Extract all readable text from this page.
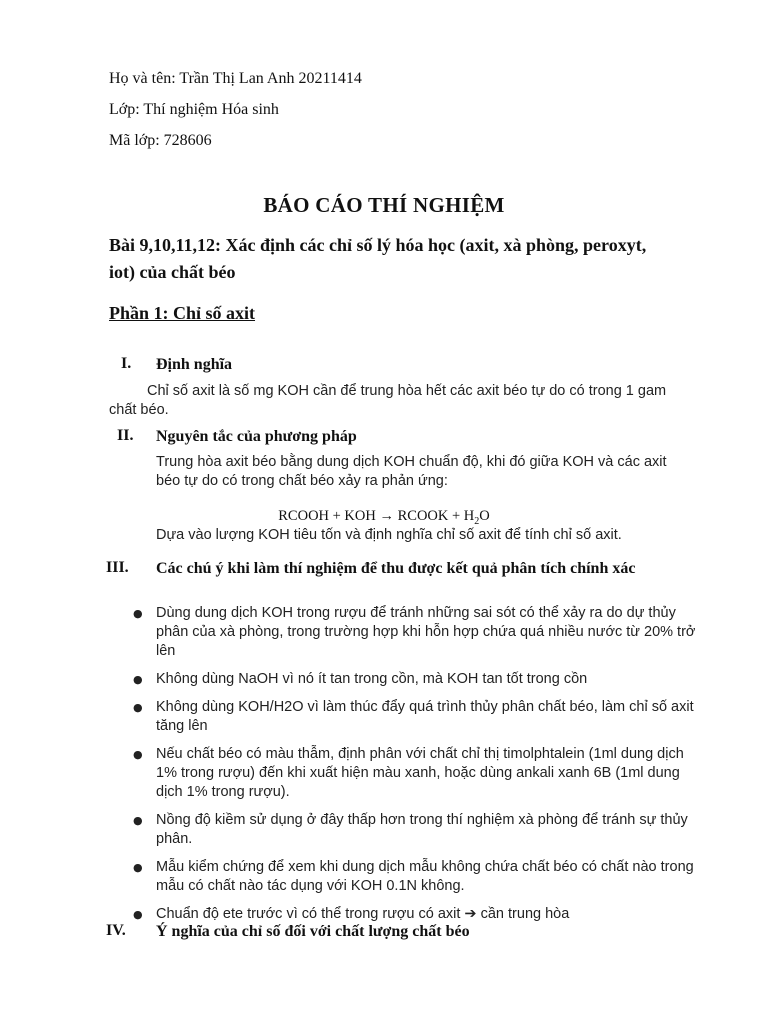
Họ và tên: Trần Thị Lan Anh 20211414
Lớp: Thí nghiệm Hóa sinh
Mã lớp: 728606
BÁO CÁO THÍ NGHIỆM
Bài 9,10,11,12: Xác định các chỉ số lý hóa học (axit, xà phòng, peroxyt, iot) của chất béo
Phần 1: Chỉ số axit
I. Định nghĩa
Chỉ số axit là số mg KOH cần để trung hòa hết các axit béo tự do có trong 1 gam chất béo.
II. Nguyên tắc của phương pháp
Trung hòa axit béo bằng dung dịch KOH chuẩn độ, khi đó giữa KOH và các axit béo tự do có trong chất béo xảy ra phản ứng:
RCOOH + KOH → RCOOK + $H_2O$
Dựa vào lượng KOH tiêu tốn và định nghĩa chỉ số axit để tính chỉ số axit.
III. Các chú ý khi làm thí nghiệm để thu được kết quả phân tích chính xác
● Dùng dung dịch KOH trong rượu để tránh những sai sót có thể xảy ra do dự thủy phân của xà phòng, trong trường hợp khi hỗn hợp chứa quá nhiều nước từ 20% trở lên
● Không dùng NaOH vì nó ít tan trong cồn, mà KOH tan tốt trong cồn
● Không dùng KOH/H2O vì làm thúc đẩy quá trình thủy phân chất béo, làm chỉ số axit tăng lên
● Nếu chất béo có màu thẫm, định phân với chất chỉ thị timolphtalein (1ml dung dịch 1% trong rượu) đến khi xuất hiện màu xanh, hoặc dùng ankali xanh 6B (1ml dung dịch 1% trong rượu).
● Nồng độ kiềm sử dụng ở đây thấp hơn trong thí nghiệm xà phòng để tránh sự thủy phân.
● Mẫu kiểm chứng để xem khi dung dịch mẫu không chứa chất béo có chất nào trong mẫu có chất nào tác dụng với KOH 0.1N không.
● Chuẩn độ ete trước vì có thể trong rượu có axit ➔ cần trung hòa
IV. Ý nghĩa của chỉ số đối với chất lượng chất béo
